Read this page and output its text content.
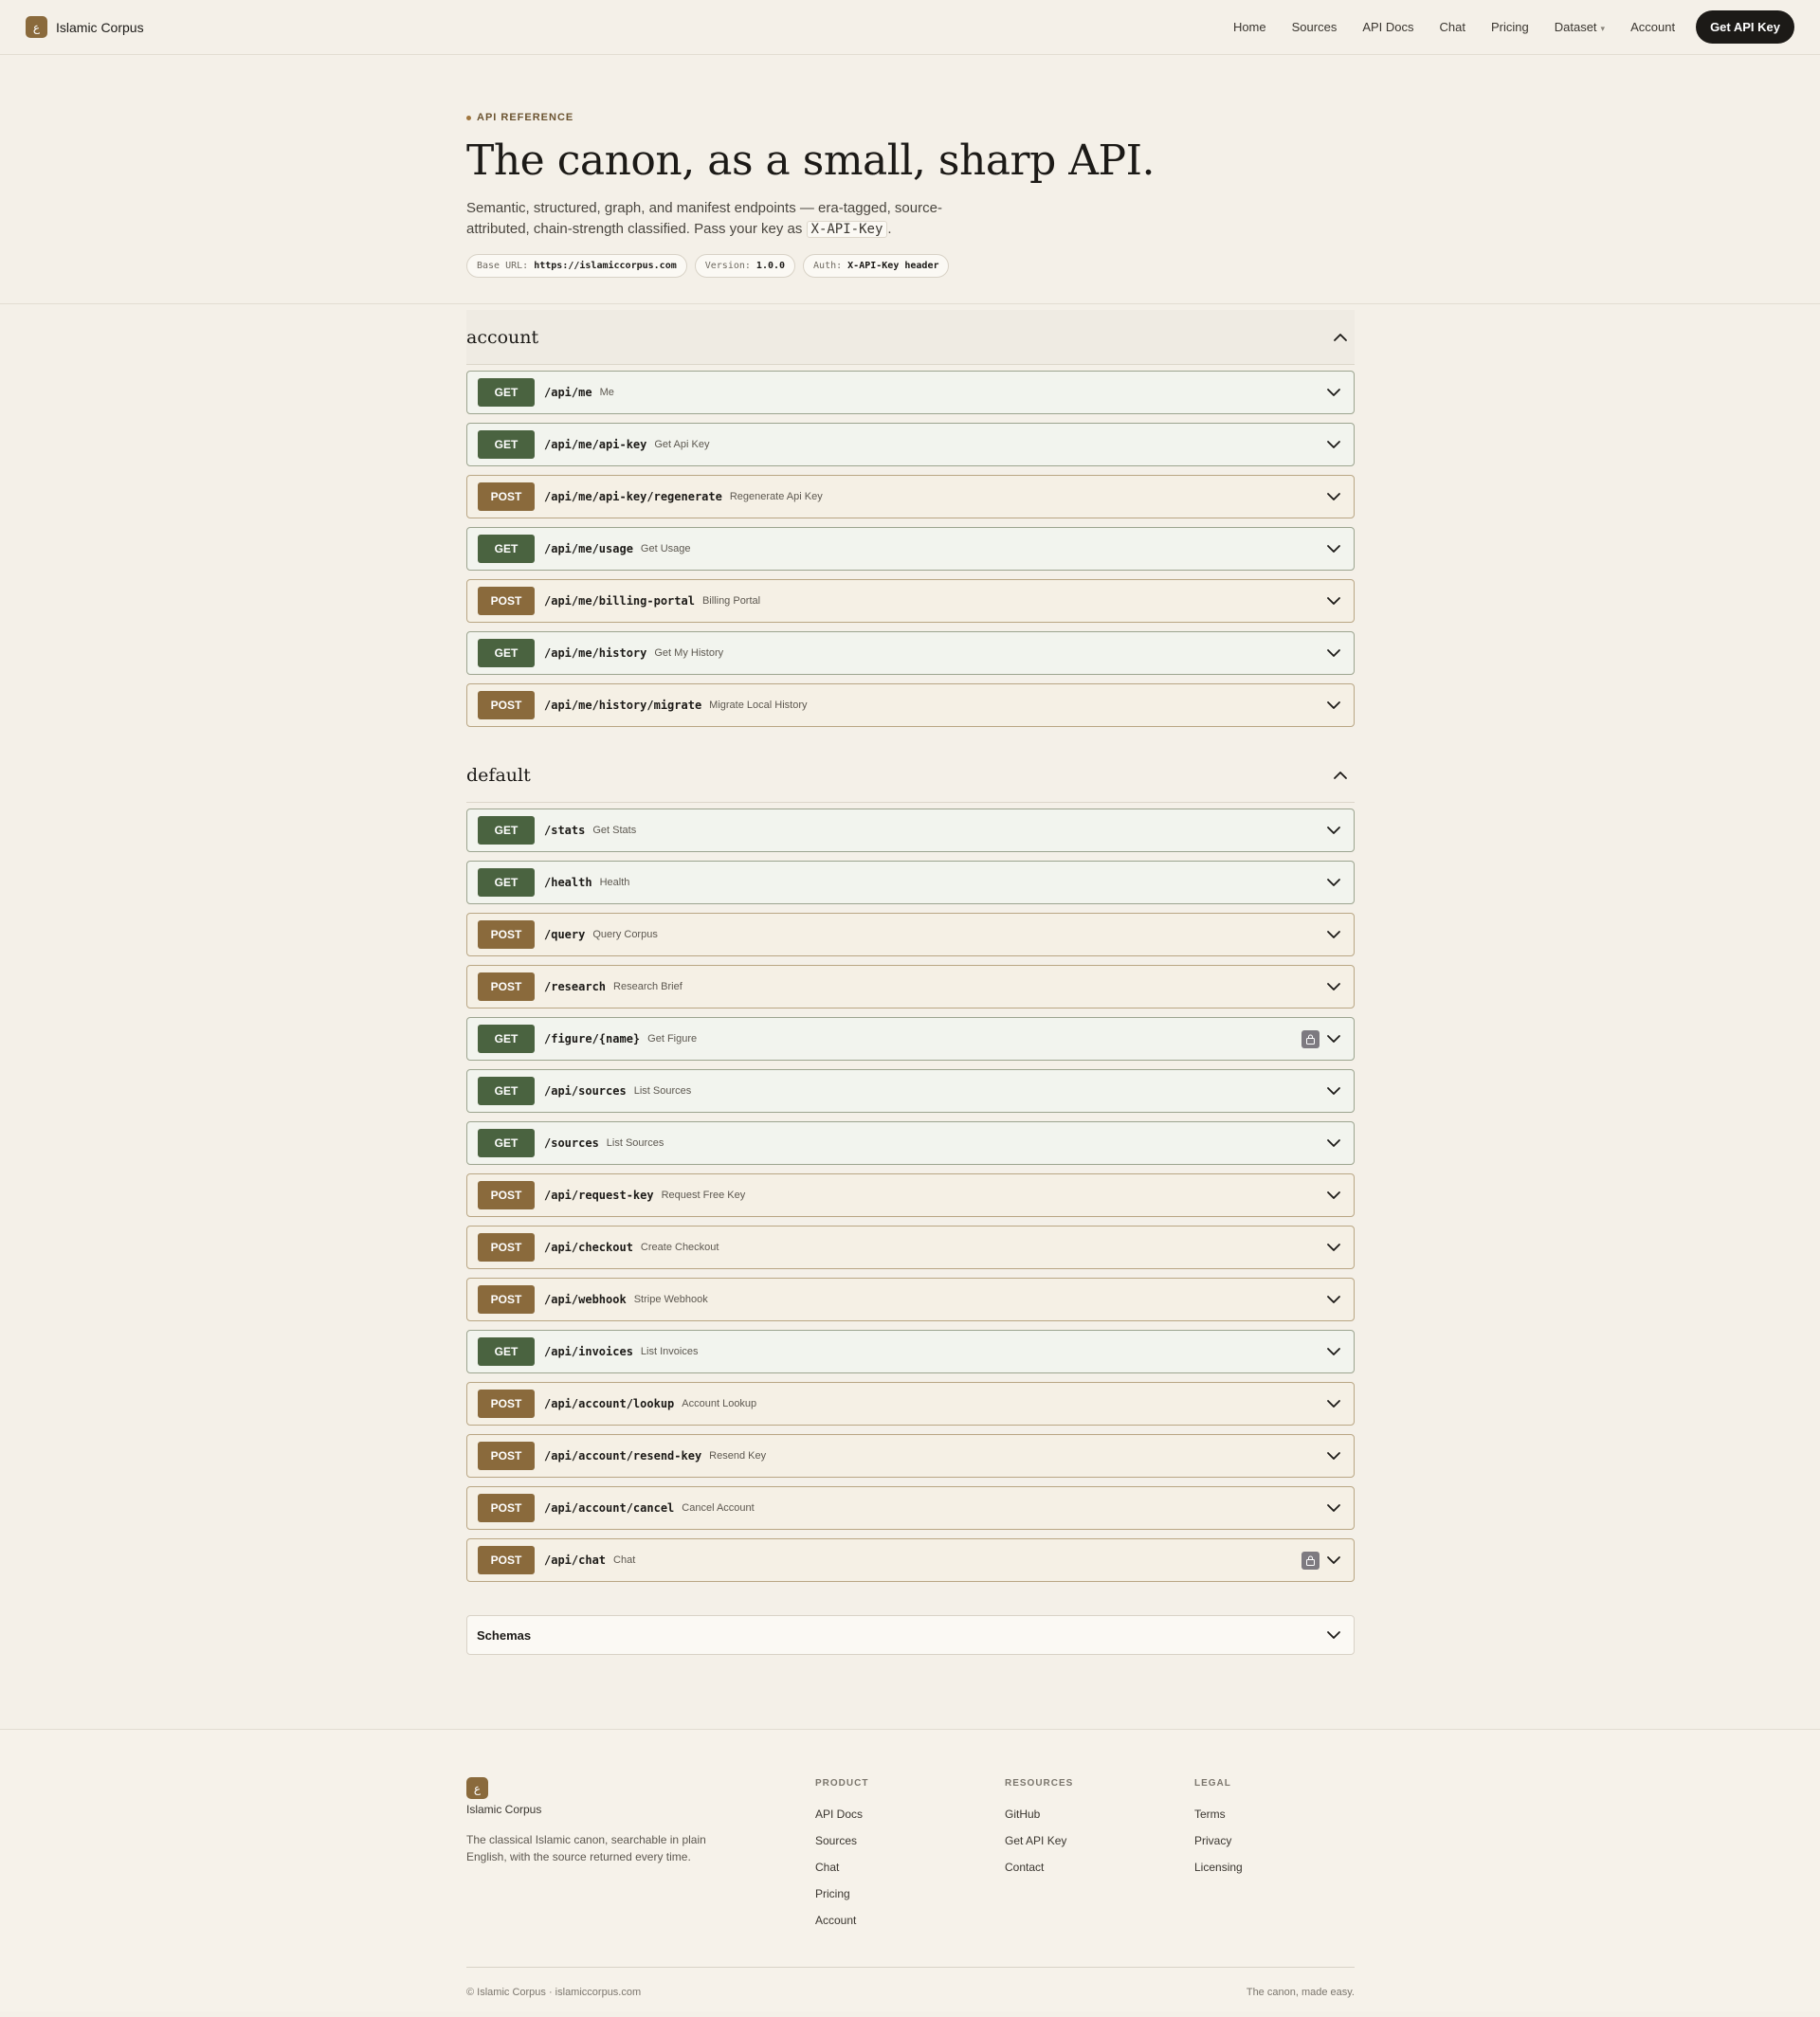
ع	Islamic Corpus	Home Sources API Docs Chat Pricing Dataset ▾ Account	Get API Key
API REFERENCE
The canon, as a small, sharp API.

Semantic, structured, graph, and manifest endpoints — era-tagged, source-attributed, chain-strength classified. Pass your key as X-API-Key .

Base URL: https://islamiccorpus.com	Version: 1.0.0	Auth: X-API-Key header
account
GET	/api/me Me
GET	/api/me/api-key Get Api Key
POST	/api/me/api-key/regenerate Regenerate Api Key
GET	/api/me/usage Get Usage
POST	/api/me/billing-portal Billing Portal
GET	/api/me/history Get My History
POST	/api/me/history/migrate Migrate Local History
default
GET	/stats Get Stats
GET	/health Health
POST	/query Query Corpus
POST	/research Research Brief
GET	/figure/{name} Get Figure
GET	/api/sources List Sources
GET	/sources List Sources
POST	/api/request-key Request Free Key
POST	/api/checkout Create Checkout
POST	/api/webhook Stripe Webhook
GET	/api/invoices List Invoices
POST	/api/account/lookup Account Lookup
POST	/api/account/resend-key Resend Key
POST	/api/account/cancel Cancel Account
POST	/api/chat Chat
Schemas
ع
Islamic Corpus
The classical Islamic canon, searchable in plain English, with the source returned every time.
PRODUCT
API Docs
Sources
Chat
Pricing
Account
RESOURCES
GitHub
Get API Key
Contact
LEGAL
Terms
Privacy
Licensing
© Islamic Corpus · islamiccorpus.com	The canon, made easy.
